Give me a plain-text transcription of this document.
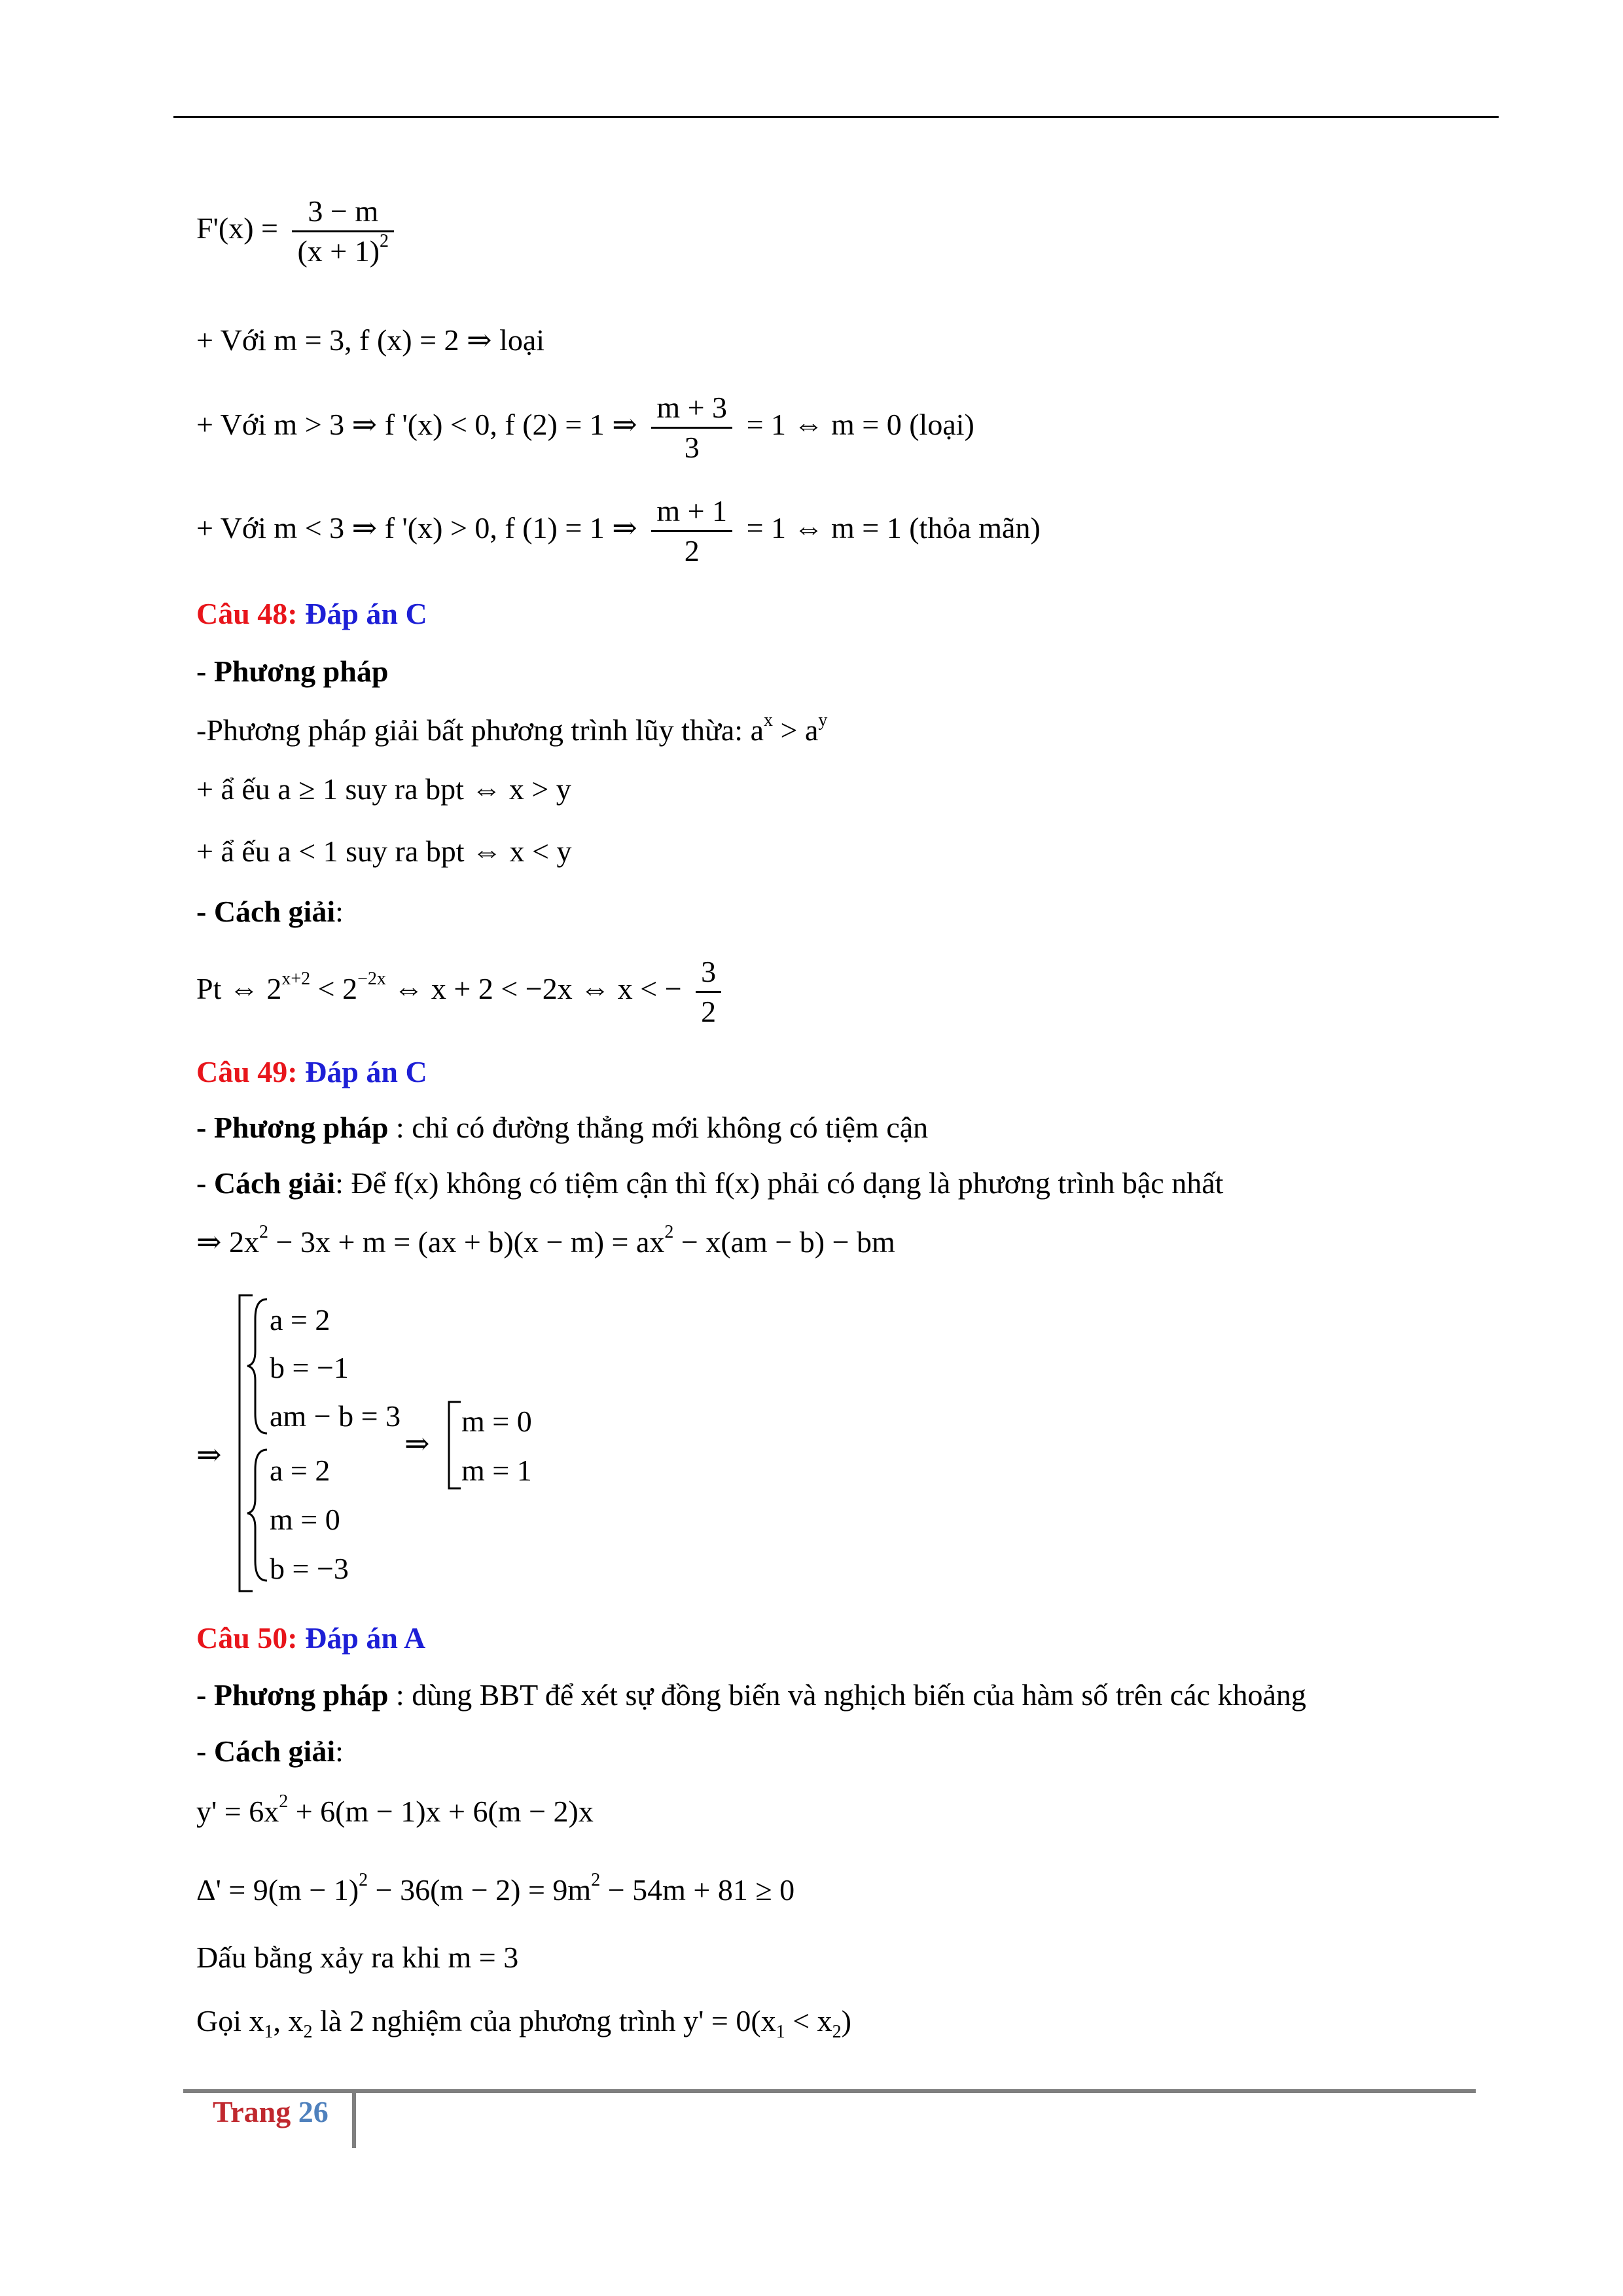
$F'(x) = \frac{3 - m}{(x + 1)^2}$
+ Với m = 3, f (x) = 2 ⇒ loại
+ Với m > 3 ⇒ f '(x) < 0, f (2) = 1 ⇒ $\frac{m + 3}{3} = 1$ ⇔ m = 0 (loại)
+ Với m < 3 ⇒ f '(x) > 0, f (1) = 1 ⇒ $\frac{m + 1}{2} = 1$ ⇔ m = 1 (thỏa mãn)
Câu 48: Đáp án C
- Phương pháp
-Phương pháp giải bất phương trình lũy thừa: $a^x > a^y$
+ ẩ ếu a ≥ 1 suy ra bpt ⇔ x > y
+ ẩ ếu a < 1 suy ra bpt ⇔ x < y
- Cách giải:
Pt ⇔ $2^{x+2} < 2^{-2x}$ ⇔ x + 2 < −2x ⇔ x < − $\frac{3}{2}$
Câu 49: Đáp án C
- Phương pháp : chỉ có đường thẳng mới không có tiệm cận
- Cách giải: Để f(x) không có tiệm cận thì f(x) phải có dạng là phương trình bậc nhất
⇒ $2x^2 - 3x + m = (ax + b)(x - m) = ax^2 - x(am - b)$ − bm
⇒
a = 2
b = −1
am − b = 3
a = 2
m = 0
b = −3
⇒
m = 0
m = 1
Câu 50: Đáp án A
- Phương pháp : dùng BBT để xét sự đồng biến và nghịch biến của hàm số trên các khoảng
- Cách giải:
$y' = 6x^2 + 6(m - 1)x + 6(m - 2)x$
$\Delta' = 9(m - 1)^2 - 36(m - 2) = 9m^2 - 54m + 81 \ge 0$
Dấu bằng xảy ra khi m = 3
Gọi $x_1$, $x_2$ là 2 nghiệm của phương trình $y' = 0(x_1 < x_2)$
Trang 26
